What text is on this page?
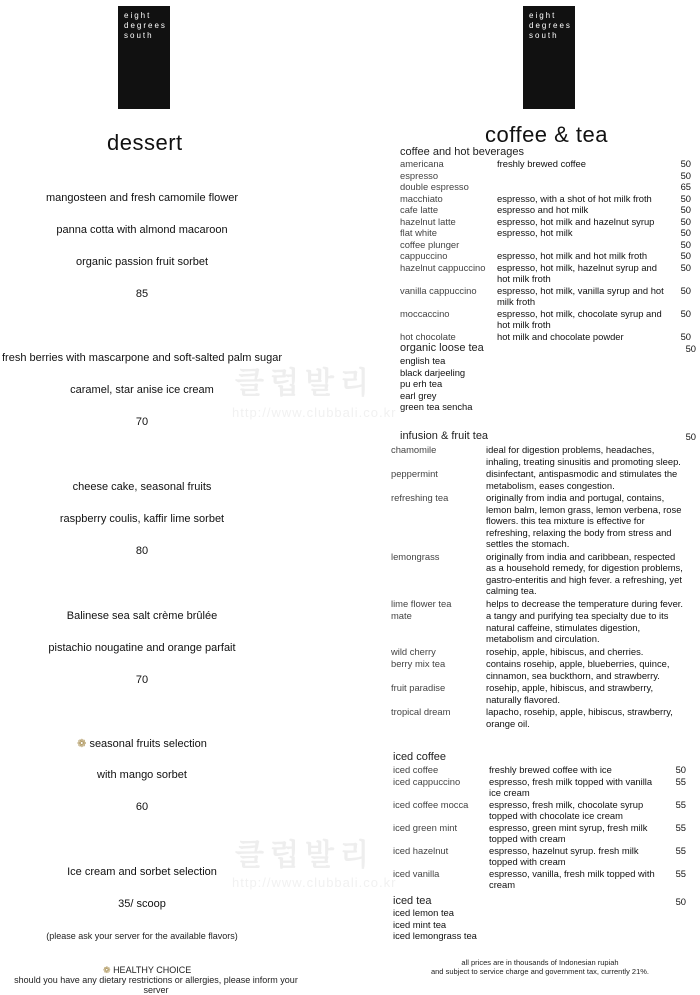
클럽발리
http://www.clubbali.co.kr
클럽발리
http://www.clubbali.co.kr
eight
degrees
south
eight
degrees
south
dessert
mangosteen and fresh camomile flower
panna cotta with almond macaroon
organic passion fruit sorbet
85
fresh berries with mascarpone and soft-salted palm sugar
caramel, star anise ice cream
70
cheese cake, seasonal fruits
raspberry coulis, kaffir lime sorbet
80
Balinese sea salt crème brûlée
pistachio nougatine and orange parfait
70
❁ seasonal fruits selection
with mango sorbet
60
Ice cream and sorbet selection
35/ scoop
(please ask your server for the available flavors)
❁ HEALTHY CHOICE
should you have any dietary restrictions or allergies, please inform your server
coffee & tea
coffee and hot beverages
americana	freshly brewed coffee	50
espresso	50
double espresso	65
macchiato	espresso, with a shot of hot milk froth	50
cafe latte	espresso and hot milk	50
hazelnut latte	espresso, hot milk and hazelnut syrup	50
flat white	espresso, hot milk	50
coffee plunger	50
cappuccino	espresso, hot milk and hot milk froth	50
hazelnut cappuccino	espresso, hot milk, hazelnut syrup and hot milk froth
50
vanilla cappuccino	espresso, hot milk, vanilla syrup and hot milk froth
50
moccaccino	espresso, hot milk, chocolate syrup and hot milk froth
50
hot chocolate	hot milk and chocolate powder	50
organic loose tea	50
english tea
black darjeeling
pu erh tea
earl grey
green tea sencha
infusion & fruit tea	50
chamomile	ideal for digestion problems, headaches, inhaling, treating sinusitis and promoting sleep.
peppermint	disinfectant, antispasmodic and stimulates the metabolism, eases congestion.
refreshing tea	originally from india and portugal, contains, lemon balm, lemon grass, lemon verbena, rose flowers. this tea mixture is effective for refreshing, relaxing the body from stress and settles the stomach.
lemongrass	originally from india and caribbean, respected as a household remedy, for digestion problems, gastro-enteritis and high fever. a refreshing, yet calming tea.
lime flower tea	helps to decrease the temperature during fever.
mate	a tangy and purifying tea specialty due to its natural caffeine, stimulates digestion, metabolism and circulation.
wild cherry	rosehip, apple, hibiscus, and cherries.
berry mix tea	contains rosehip, apple, blueberries, quince, cinnamon, sea buckthorn, and strawberry.
fruit paradise	rosehip, apple, hibiscus, and strawberry, naturally flavored.
tropical dream	lapacho, rosehip, apple, hibiscus, strawberry, orange oil.
iced coffee
iced coffee	freshly brewed coffee with ice	50
iced cappuccino	espresso, fresh milk topped with vanilla ice cream
55
iced coffee mocca	espresso, fresh milk, chocolate syrup topped with chocolate ice cream
55
iced green mint	espresso, green mint syrup, fresh milk topped with cream
55
iced hazelnut	espresso, hazelnut syrup. fresh milk topped with cream
55
iced vanilla	espresso, vanilla, fresh milk topped with cream
55
iced tea	50
iced lemon tea
iced mint tea
iced lemongrass tea
all prices are in thousands of Indonesian rupiah
and subject to service charge and government tax, currently 21%.
